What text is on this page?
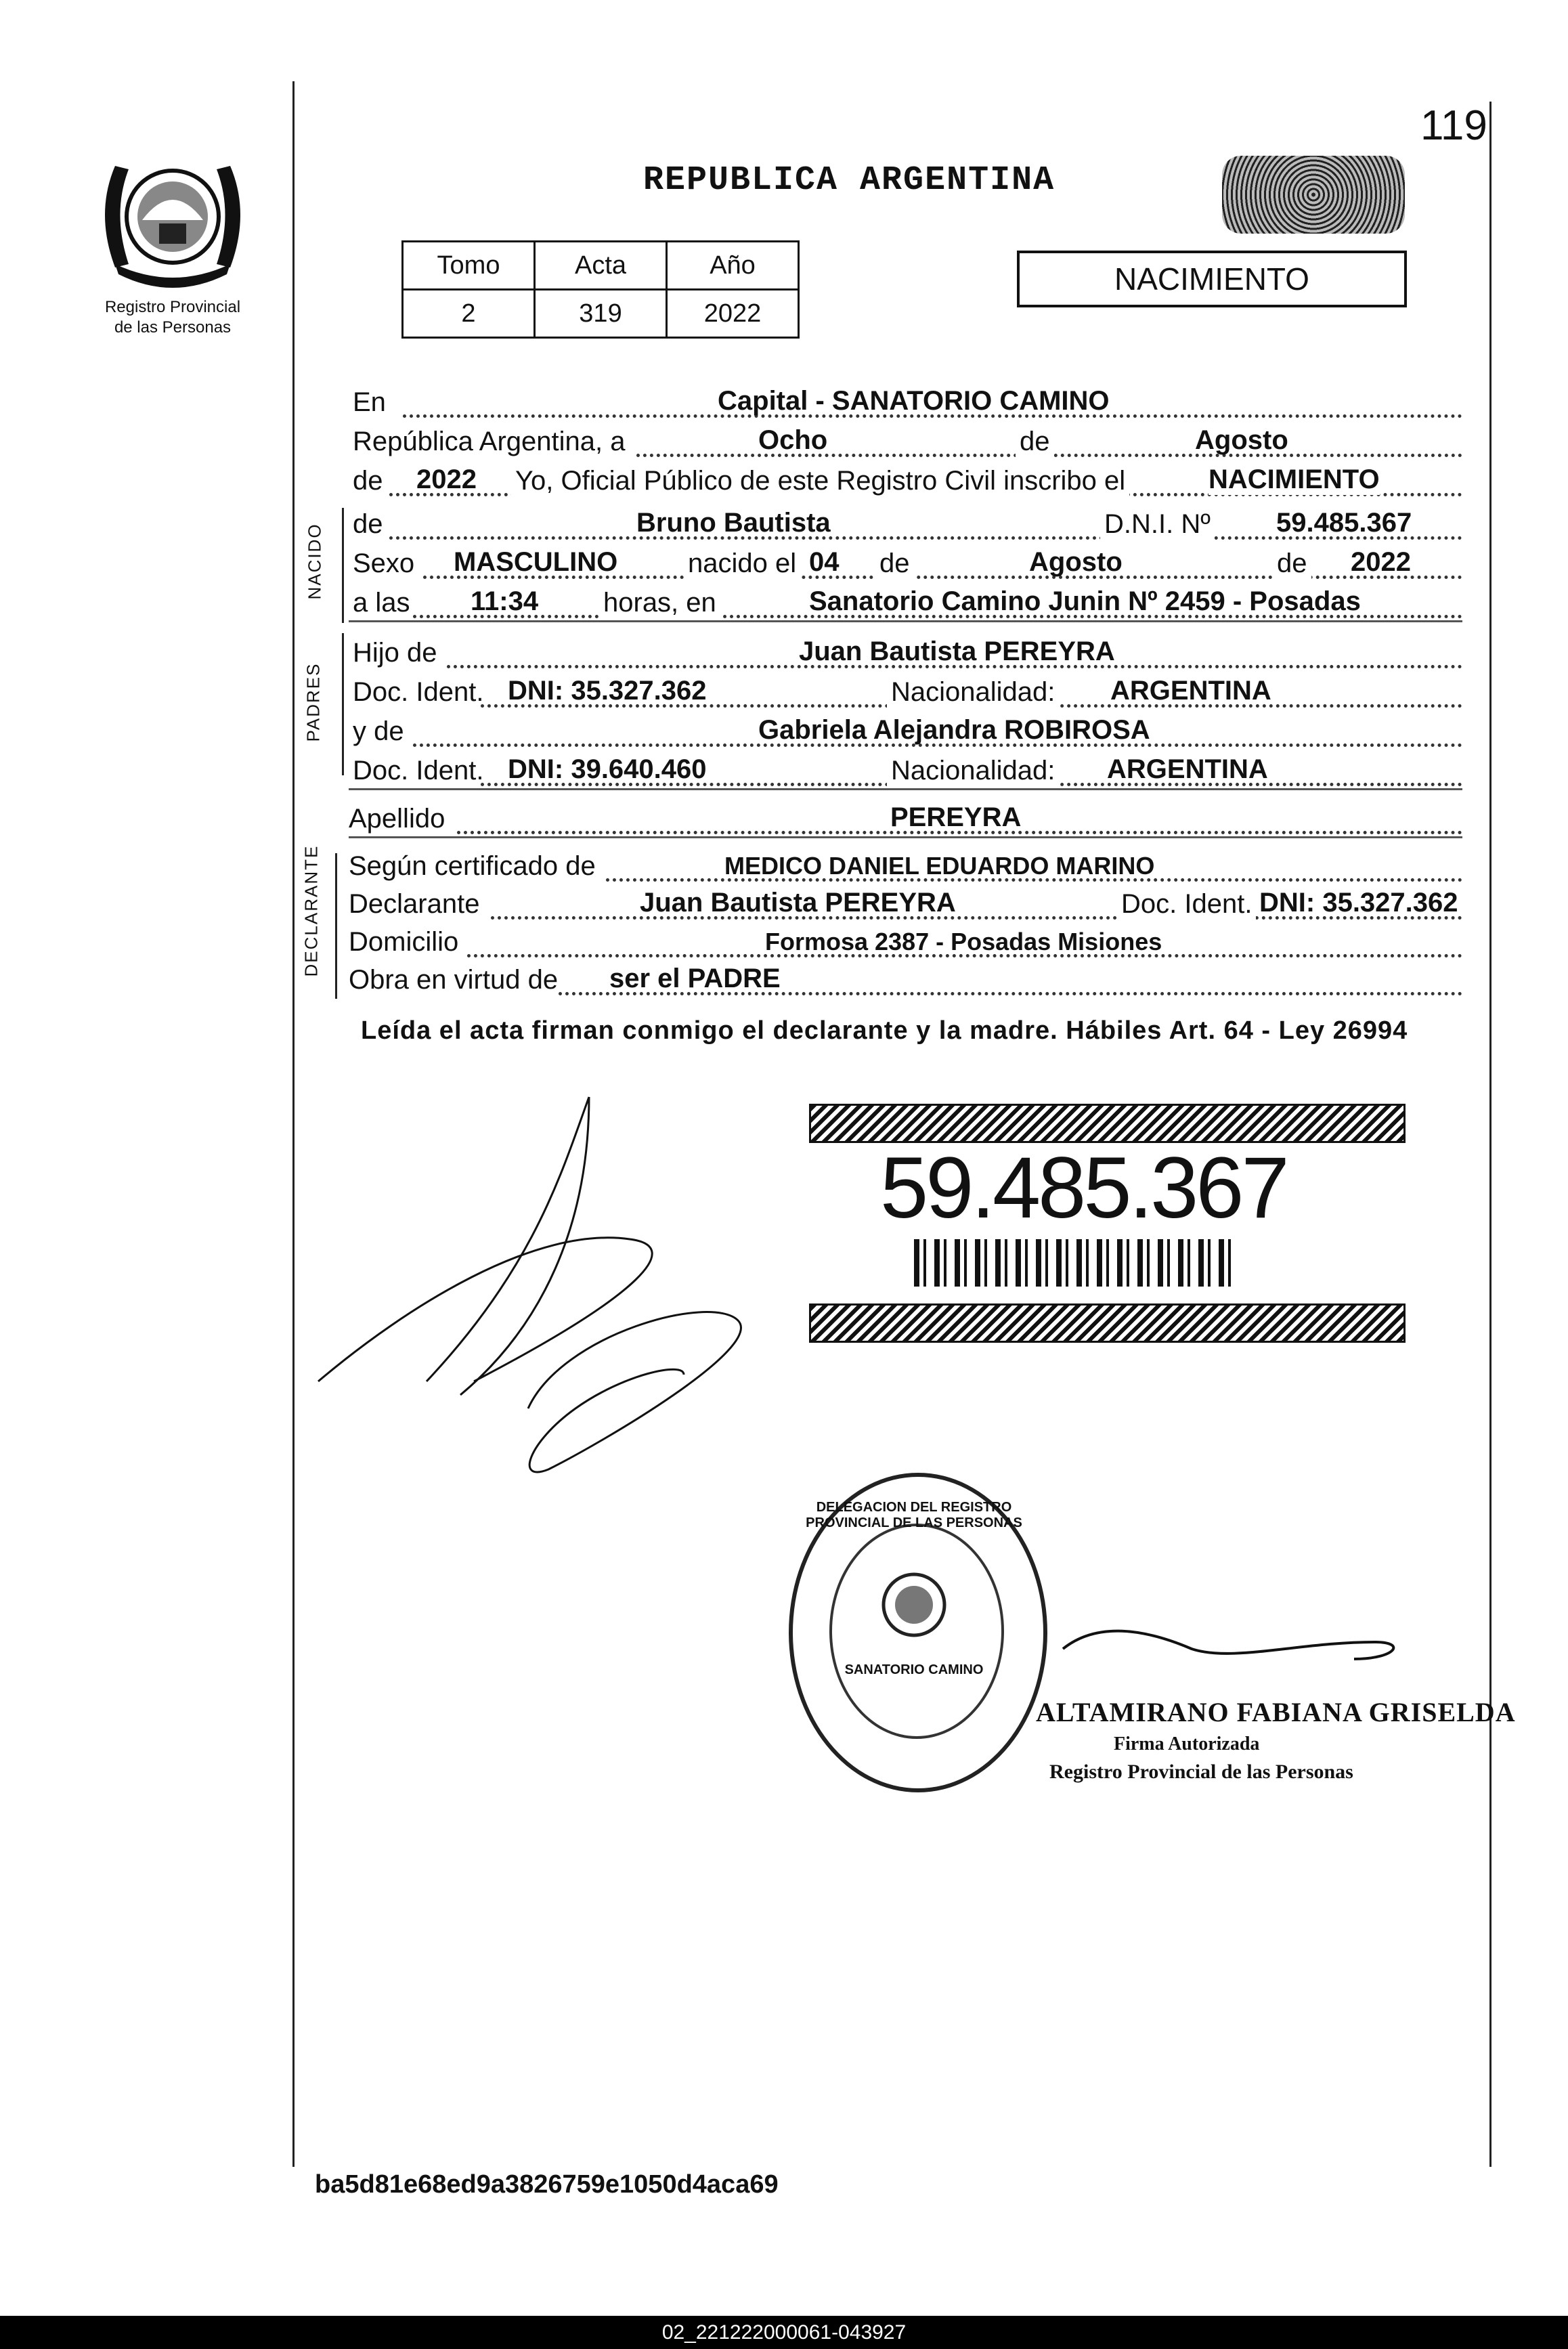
119
Registro Provincial
de las Personas
REPUBLICA ARGENTINA
Tomo	Acta	Año
2	319	2022
NACIMIENTO
En	Capital - SANATORIO CAMINO
República Argentina, a	Ocho	de	Agosto
de 2022 Yo, Oficial Público de este Registro Civil inscribo el	NACIMIENTO
NACIDO de	Bruno Bautista	D.N.I. Nº 59.485.367
Sexo MASCULINO	nacido el 04 de	Agosto	de 2022
a las 11:34 horas, en	Sanatorio Camino Junin Nº 2459 - Posadas
PADRES
Hijo de	Juan Bautista PEREYRA
Doc. Ident. DNI: 35.327.362	Nacionalidad: ARGENTINA
y de	Gabriela Alejandra ROBIROSA
Doc. Ident. DNI: 39.640.460	Nacionalidad: ARGENTINA
Apellido	PEREYRA
DECLARANTE Según certificado de	MEDICO DANIEL EDUARDO MARINO
Declarante	Juan Bautista PEREYRA	Doc. Ident. DNI: 35.327.362
Domicilio	Formosa 2387 - Posadas Misiones
Obra en virtud de ser el PADRE
Leída el acta firman conmigo el declarante y la madre. Hábiles Art. 64 - Ley 26994
59.485.367
DELEGACION DEL REGISTRO PROVINCIAL DE LAS PERSONAS
SANATORIO CAMINO
ALTAMIRANO FABIANA GRISELDA
Firma Autorizada
Registro Provincial de las Personas
ba5d81e68ed9a3826759e1050d4aca69
02_221222000061-043927
